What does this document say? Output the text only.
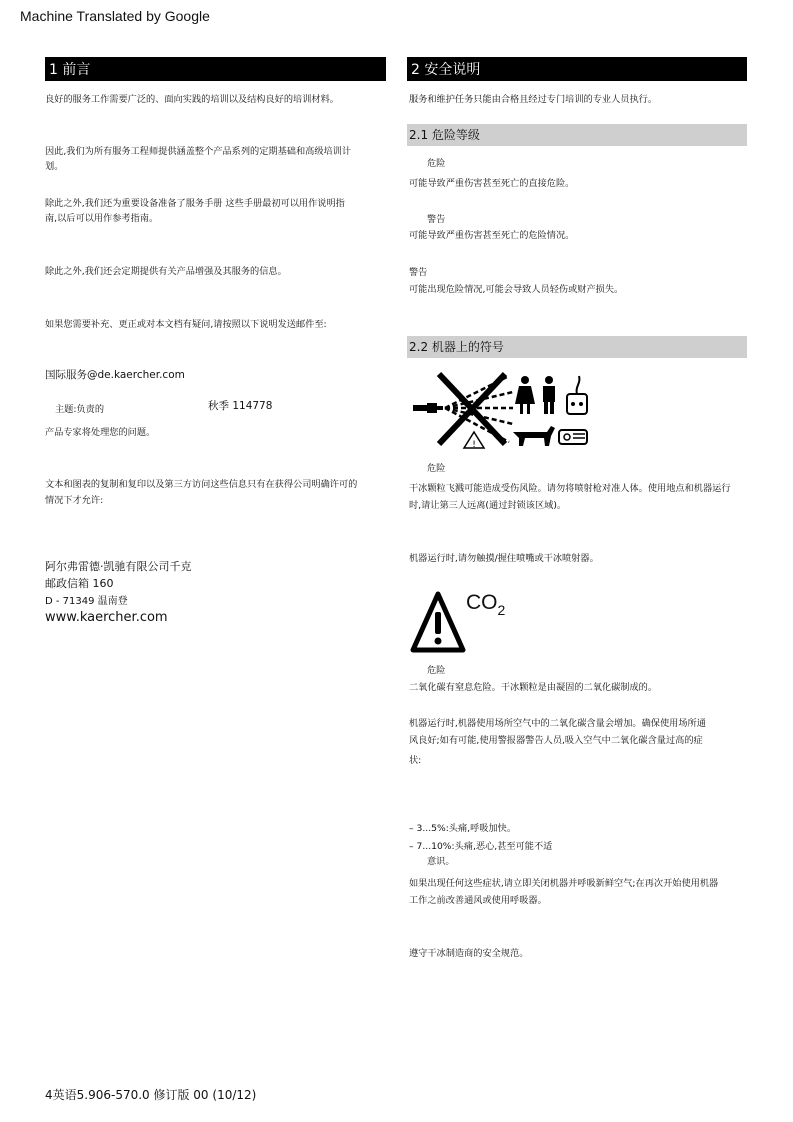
Machine Translated by Google
1 前言
良好的服务工作需要广泛的、面向实践的培训以及结构良好的培训材料。
因此,我们为所有服务工程师提供涵盖整个产品系列的定期基础和高级培训计
划。
除此之外,我们还为重要设备准备了服务手册 这些手册最初可以用作说明指
南,以后可以用作参考指南。
除此之外,我们还会定期提供有关产品增强及其服务的信息。
如果您需要补充、更正或对本文档有疑问,请按照以下说明发送邮件至:
国际服务@de.kaercher.com
主题:负责的	秋季 114778
产品专家将处理您的问题。
文本和图表的复制和复印以及第三方访问这些信息只有在获得公司明确许可的
情况下才允许:
阿尔弗雷德·凯驰有限公司千克
邮政信箱 160
D - 71349 温南登
www.kaercher.com
2 安全说明
服务和维护任务只能由合格且经过专门培训的专业人员执行。
2.1 危险等级
危险
可能导致严重伤害甚至死亡的直接危险。
警告
可能导致严重伤害甚至死亡的危险情况。
警告
可能出现危险情况,可能会导致人员轻伤或财产损失。
2.2 机器上的符号
!
危险
干冰颗粒飞溅可能造成受伤风险。请勿将喷射枪对准人体。使用地点和机器运行
时,请让第三人远离(通过封锁该区域)。
机器运行时,请勿触摸/握住喷嘴或干冰喷射器。
$CO_2$
危险
二氧化碳有窒息危险。干冰颗粒是由凝固的二氧化碳制成的。
机器运行时,机器使用场所空气中的二氧化碳含量会增加。确保使用场所通
风良好;如有可能,使用警报器警告人员,吸入空气中二氧化碳含量过高的症
状:
– 3...5%:头痛,呼吸加快。
– 7...10%:头痛,恶心,甚至可能不适
意识。
如果出现任何这些症状,请立即关闭机器并呼吸新鲜空气;在再次开始使用机器
工作之前改善通风或使用呼吸器。
遵守干冰制造商的安全规范。
4英语5.906-570.0 修订版 00 (10/12)
